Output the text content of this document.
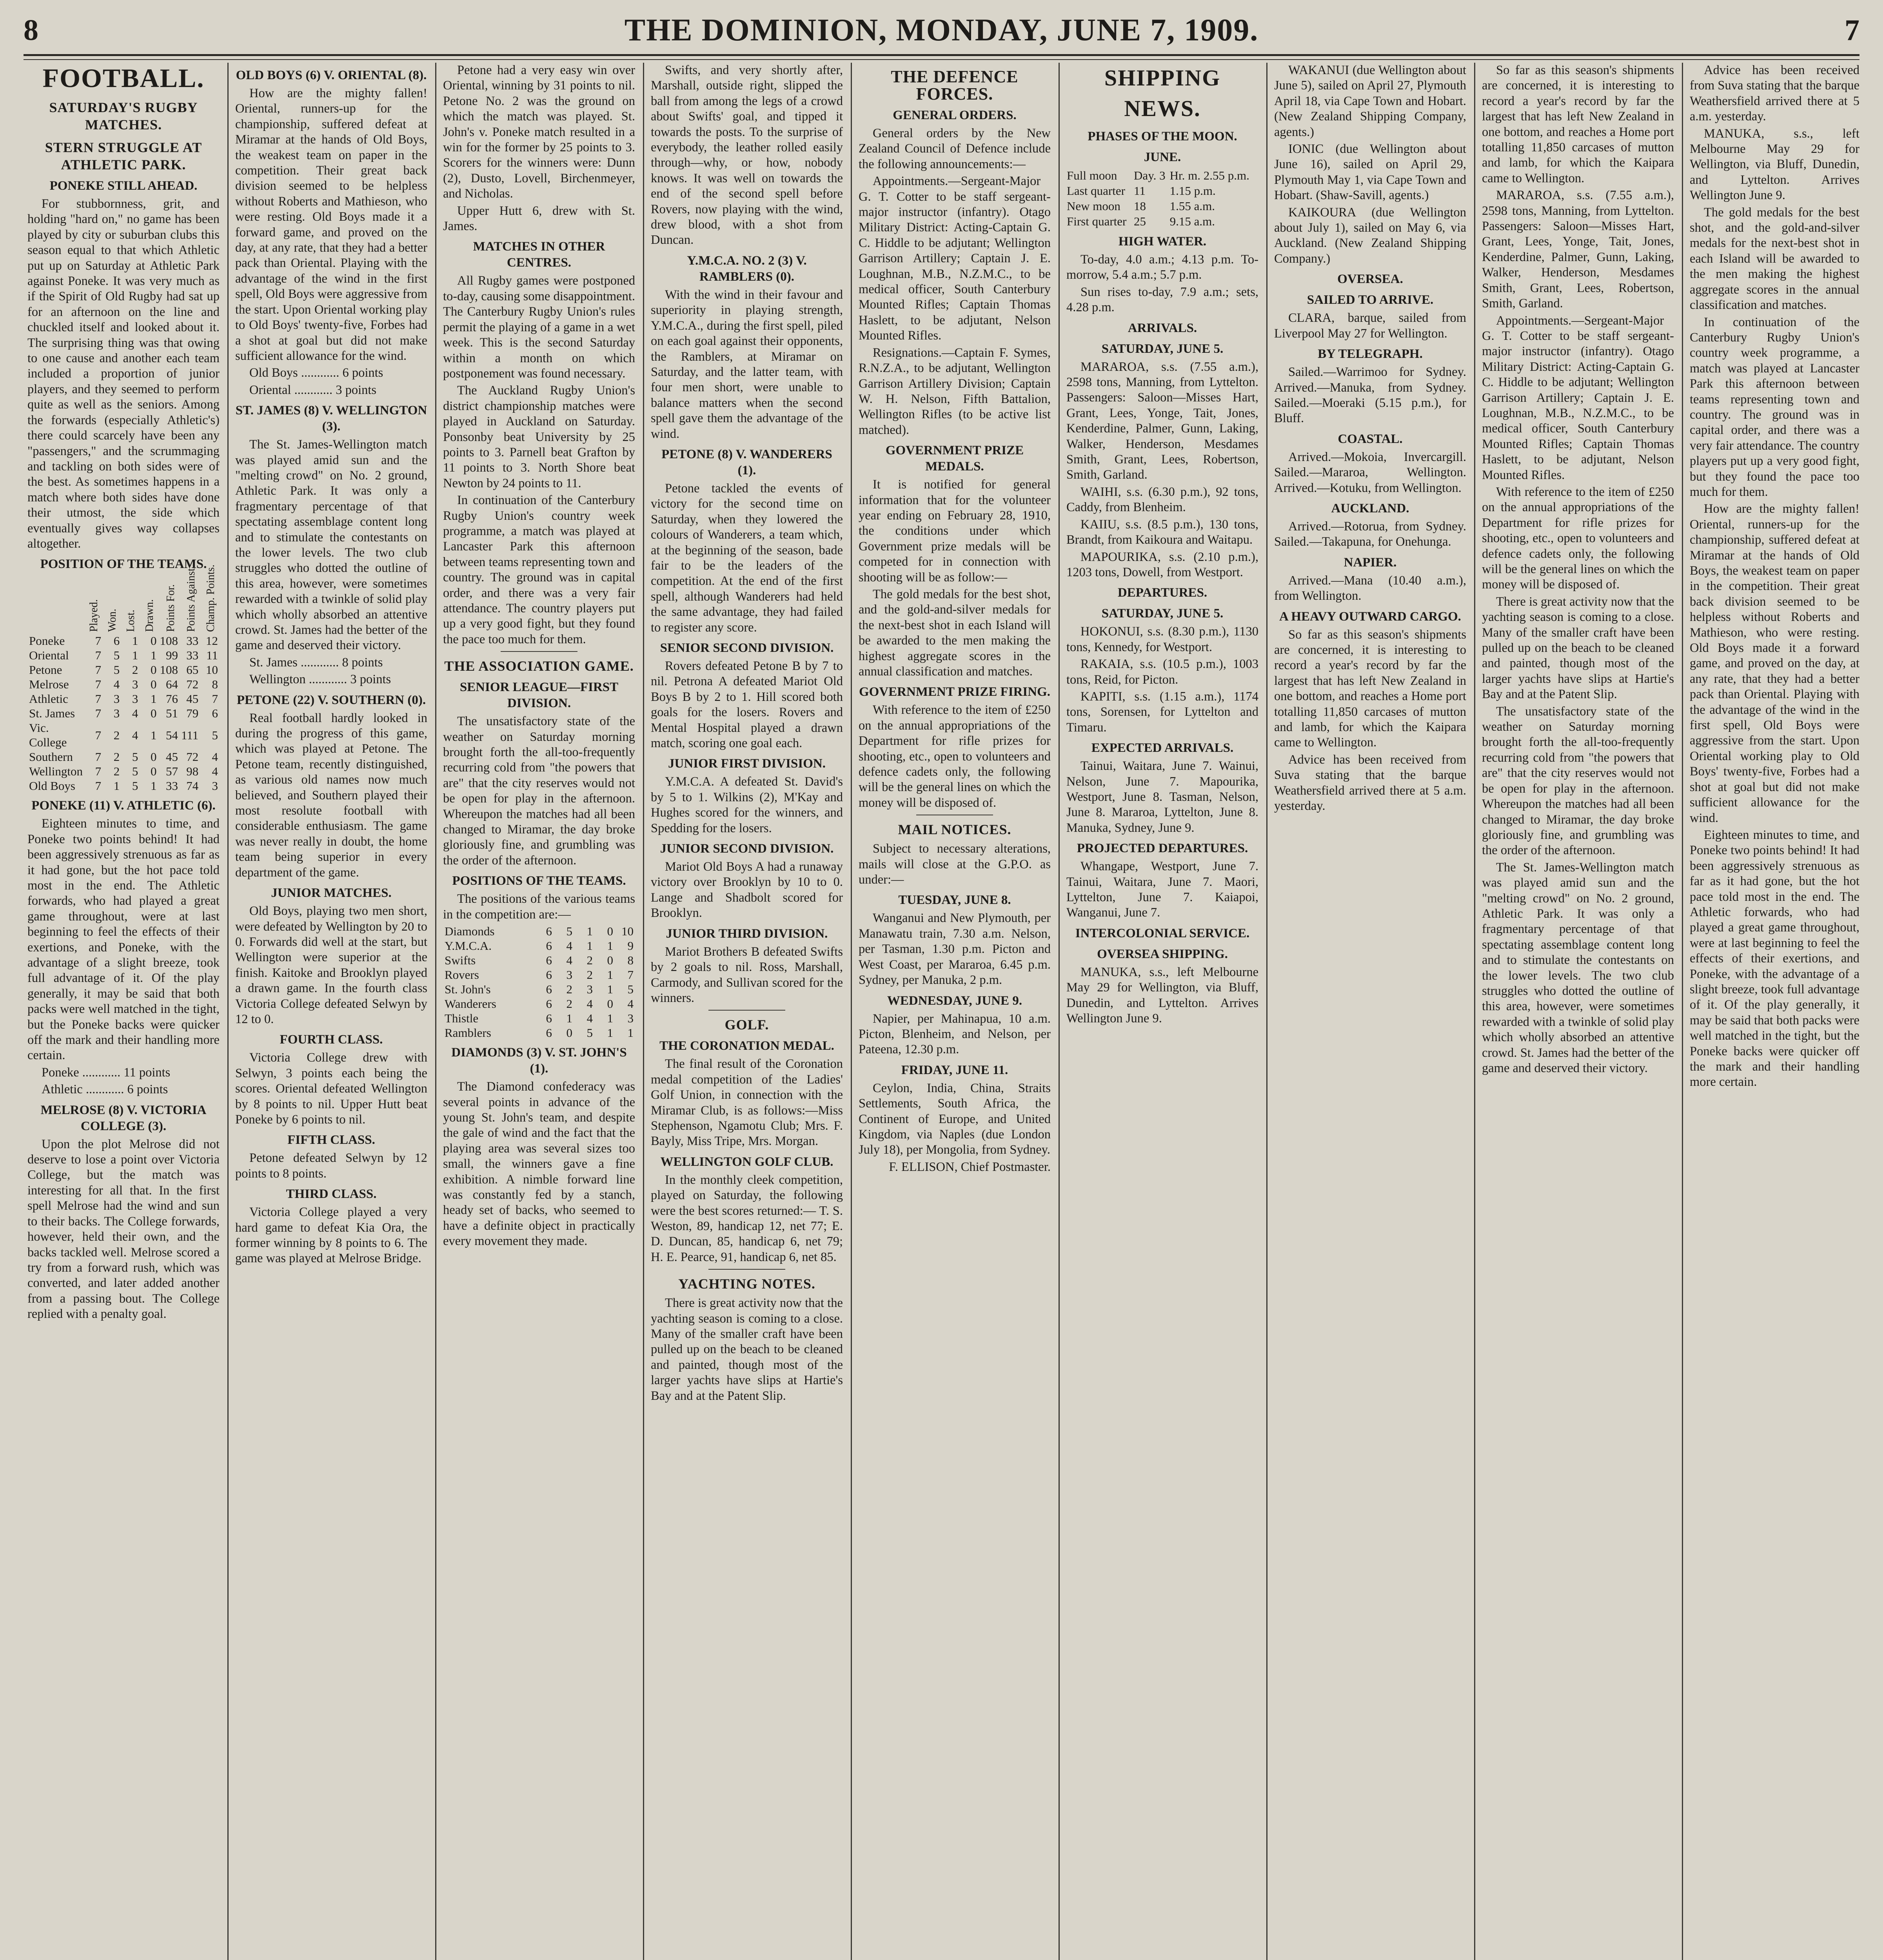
8	THE DOMINION, MONDAY, JUNE 7, 1909.	7
FOOTBALL.
SATURDAY'S RUGBY MATCHES.
STERN STRUGGLE AT ATHLETIC PARK.
PONEKE STILL AHEAD.

For stubbornness, grit, and holding "hard on," no game has been played by city or suburban clubs this season equal to that which Athletic put up on Saturday at Athletic Park against Poneke. It was very much as if the Spirit of Old Rugby had sat up for an afternoon on the line and chuckled itself and looked about it. The surprising thing was that owing to one cause and another each team included a proportion of junior players, and they seemed to perform quite as well as the seniors. Among the forwards (especially Athletic's) there could scarcely have been any "passengers," and the scrummaging and tackling on both sides were of the best. As sometimes happens in a match where both sides have done their utmost, the side which eventually gives way collapses altogether.

POSITION OF THE TEAMS.

	Played.	Won.	Lost.	Drawn.	Points For.	Points Against.	Champ. Points.

Poneke	7	6	1	0	108	33	12
Oriental	7	5	1	1	99	33	11
Petone	7	5	2	0	108	65	10
Melrose	7	4	3	0	64	72	8
Athletic	7	3	3	1	76	45	7
St. James	7	3	4	0	51	79	6
Vic. College	7	2	4	1	54	111	5
Southern	7	2	5	0	45	72	4
Wellington	7	2	5	0	57	98	4
Old Boys	7	1	5	1	33	74	3
PONEKE (11) V. ATHLETIC (6).

Eighteen minutes to time, and Poneke two points behind! It had been aggressively strenuous as far as it had gone, but the hot pace told most in the end. The Athletic forwards, who had played a great game throughout, were at last beginning to feel the effects of their exertions, and Poneke, with the advantage of a slight breeze, took full advantage of it. Of the play generally, it may be said that both packs were well matched in the tight, but the Poneke backs were quicker off the mark and their handling more certain.

Poneke ............ 11 points

Athletic ............ 6 points

MELROSE (8) V. VICTORIA COLLEGE (3).

Upon the plot Melrose did not deserve to lose a point over Victoria College, but the match was interesting for all that. In the first spell Melrose had the wind and sun to their backs. The College forwards, however, held their own, and the backs tackled well. Melrose scored a try from a forward rush, which was converted, and later added another from a passing bout. The College replied with a penalty goal.

OLD BOYS (6) V. ORIENTAL (8).

How are the mighty fallen! Oriental, runners-up for the championship, suffered defeat at Miramar at the hands of Old Boys, the weakest team on paper in the competition. Their great back division seemed to be helpless without Roberts and Mathieson, who were resting. Old Boys made it a forward game, and proved on the day, at any rate, that they had a better pack than Oriental. Playing with the advantage of the wind in the first spell, Old Boys were aggressive from the start. Upon Oriental working play to Old Boys' twenty-five, Forbes had a shot at goal but did not make sufficient allowance for the wind.

Old Boys ............ 6 points

Oriental ............ 3 points

ST. JAMES (8) V. WELLINGTON (3).

The St. James-Wellington match was played amid sun and the "melting crowd" on No. 2 ground, Athletic Park. It was only a fragmentary percentage of that spectating assemblage content long and to stimulate the contestants on the lower levels. The two club struggles who dotted the outline of this area, however, were sometimes rewarded with a twinkle of solid play which wholly absorbed an attentive crowd. St. James had the better of the game and deserved their victory.

St. James ............ 8 points

Wellington ............ 3 points

PETONE (22) V. SOUTHERN (0).

Real football hardly looked in during the progress of this game, which was played at Petone. The Petone team, recently distinguished, as various old names now much believed, and Southern played their most resolute football with considerable enthusiasm. The game was never really in doubt, the home team being superior in every department of the game.

JUNIOR MATCHES.

Old Boys, playing two men short, were defeated by Wellington by 20 to 0. Forwards did well at the start, but Wellington were superior at the finish. Kaitoke and Brooklyn played a drawn game. In the fourth class Victoria College defeated Selwyn by 12 to 0.

FOURTH CLASS.

Victoria College drew with Selwyn, 3 points each being the scores. Oriental defeated Wellington by 8 points to nil. Upper Hutt beat Poneke by 6 points to nil.

FIFTH CLASS.

Petone defeated Selwyn by 12 points to 8 points.

THIRD CLASS.

Victoria College played a very hard game to defeat Kia Ora, the former winning by 8 points to 6. The game was played at Melrose Bridge.

Petone had a very easy win over Oriental, winning by 31 points to nil. Petone No. 2 was the ground on which the match was played. St. John's v. Poneke match resulted in a win for the former by 25 points to 3. Scorers for the winners were: Dunn (2), Dusto, Lovell, Birchenmeyer, and Nicholas.

Upper Hutt 6, drew with St. James.

MATCHES IN OTHER CENTRES.

All Rugby games were postponed to-day, causing some disappointment. The Canterbury Rugby Union's rules permit the playing of a game in a wet week. This is the second Saturday within a month on which postponement was found necessary.

The Auckland Rugby Union's district championship matches were played in Auckland on Saturday. Ponsonby beat University by 25 points to 3. Parnell beat Grafton by 11 points to 3. North Shore beat Newton by 24 points to 11.

In continuation of the Canterbury Rugby Union's country week programme, a match was played at Lancaster Park this afternoon between teams representing town and country. The ground was in capital order, and there was a very fair attendance. The country players put up a very good fight, but they found the pace too much for them.

THE ASSOCIATION GAME.
SENIOR LEAGUE—FIRST DIVISION.

The unsatisfactory state of the weather on Saturday morning brought forth the all-too-frequently recurring cold from "the powers that are" that the city reserves would not be open for play in the afternoon. Whereupon the matches had all been changed to Miramar, the day broke gloriously fine, and grumbling was the order of the afternoon.

POSITIONS OF THE TEAMS.

The positions of the various teams in the competition are:—

Diamonds	6	5	1	0	10
Y.M.C.A.	6	4	1	1	9
Swifts	6	4	2	0	8
Rovers	6	3	2	1	7
St. John's	6	2	3	1	5
Wanderers	6	2	4	0	4
Thistle	6	1	4	1	3
Ramblers	6	0	5	1	1
DIAMONDS (3) V. ST. JOHN'S (1).

The Diamond confederacy was several points in advance of the young St. John's team, and despite the gale of wind and the fact that the playing area was several sizes too small, the winners gave a fine exhibition. A nimble forward line was constantly fed by a stanch, heady set of backs, who seemed to have a definite object in practically every movement they made.

Swifts, and very shortly after, Marshall, outside right, slipped the ball from among the legs of a crowd about Swifts' goal, and tipped it towards the posts. To the surprise of everybody, the leather rolled easily through—why, or how, nobody knows. It was well on towards the end of the second spell before Rovers, now playing with the wind, drew blood, with a shot from Duncan.

Y.M.C.A. NO. 2 (3) V. RAMBLERS (0).

With the wind in their favour and superiority in playing strength, Y.M.C.A., during the first spell, piled on each goal against their opponents, the Ramblers, at Miramar on Saturday, and the latter team, with four men short, were unable to balance matters when the second spell gave them the advantage of the wind.

PETONE (8) V. WANDERERS (1).

Petone tackled the events of victory for the second time on Saturday, when they lowered the colours of Wanderers, a team which, at the beginning of the season, bade fair to be the leaders of the competition. At the end of the first spell, although Wanderers had held the same advantage, they had failed to register any score.

SENIOR SECOND DIVISION.

Rovers defeated Petone B by 7 to nil. Petrona A defeated Mariot Old Boys B by 2 to 1. Hill scored both goals for the losers. Rovers and Mental Hospital played a drawn match, scoring one goal each.

JUNIOR FIRST DIVISION.

Y.M.C.A. A defeated St. David's by 5 to 1. Wilkins (2), M'Kay and Hughes scored for the winners, and Spedding for the losers.

JUNIOR SECOND DIVISION.

Mariot Old Boys A had a runaway victory over Brooklyn by 10 to 0. Lange and Shadbolt scored for Brooklyn.

JUNIOR THIRD DIVISION.

Mariot Brothers B defeated Swifts by 2 goals to nil. Ross, Marshall, Carmody, and Sullivan scored for the winners.

GOLF.
THE CORONATION MEDAL.

The final result of the Coronation medal competition of the Ladies' Golf Union, in connection with the Miramar Club, is as follows:—Miss Stephenson, Ngamotu Club; Mrs. F. Bayly, Miss Tripe, Mrs. Morgan.

WELLINGTON GOLF CLUB.

In the monthly cleek competition, played on Saturday, the following were the best scores returned:— T. S. Weston, 89, handicap 12, net 77; E. D. Duncan, 85, handicap 6, net 79; H. E. Pearce, 91, handicap 6, net 85.

YACHTING NOTES.

There is great activity now that the yachting season is coming to a close. Many of the smaller craft have been pulled up on the beach to be cleaned and painted, though most of the larger yachts have slips at Hartie's Bay and at the Patent Slip.

THE DEFENCE FORCES.
GENERAL ORDERS.

General orders by the New Zealand Council of Defence include the following announcements:—

Appointments.—Sergeant-Major G. T. Cotter to be staff sergeant-major instructor (infantry). Otago Military District: Acting-Captain G. C. Hiddle to be adjutant; Wellington Garrison Artillery; Captain J. E. Loughnan, M.B., N.Z.M.C., to be medical officer, South Canterbury Mounted Rifles; Captain Thomas Haslett, to be adjutant, Nelson Mounted Rifles.

Resignations.—Captain F. Symes, R.N.Z.A., to be adjutant, Wellington Garrison Artillery Division; Captain W. H. Nelson, Fifth Battalion, Wellington Rifles (to be active list matched).

GOVERNMENT PRIZE MEDALS.

It is notified for general information that for the volunteer year ending on February 28, 1910, the conditions under which Government prize medals will be competed for in connection with shooting will be as follow:—

The gold medals for the best shot, and the gold-and-silver medals for the next-best shot in each Island will be awarded to the men making the highest aggregate scores in the annual classification and matches.

GOVERNMENT PRIZE FIRING.

With reference to the item of £250 on the annual appropriations of the Department for rifle prizes for shooting, etc., open to volunteers and defence cadets only, the following will be the general lines on which the money will be disposed of.

MAIL NOTICES.

Subject to necessary alterations, mails will close at the G.P.O. as under:—

TUESDAY, JUNE 8.

Wanganui and New Plymouth, per Manawatu train, 7.30 a.m. Nelson, per Tasman, 1.30 p.m. Picton and West Coast, per Mararoa, 6.45 p.m. Sydney, per Manuka, 2 p.m.

WEDNESDAY, JUNE 9.

Napier, per Mahinapua, 10 a.m. Picton, Blenheim, and Nelson, per Pateena, 12.30 p.m.

FRIDAY, JUNE 11.

Ceylon, India, China, Straits Settlements, South Africa, the Continent of Europe, and United Kingdom, via Naples (due London July 18), per Mongolia, from Sydney.

F. ELLISON, Chief Postmaster.

SHIPPING NEWS.
PHASES OF THE MOON.
JUNE.
Full moon	Day. 3	Hr. m. 2.55 p.m.
Last quarter	11	1.15 p.m.
New moon	18	1.55 a.m.
First quarter	25	9.15 a.m.
HIGH WATER.

To-day, 4.0 a.m.; 4.13 p.m. To-morrow, 5.4 a.m.; 5.7 p.m.

Sun rises to-day, 7.9 a.m.; sets, 4.28 p.m.

ARRIVALS.
SATURDAY, JUNE 5.

MARAROA, s.s. (7.55 a.m.), 2598 tons, Manning, from Lyttelton. Passengers: Saloon—Misses Hart, Grant, Lees, Yonge, Tait, Jones, Kenderdine, Palmer, Gunn, Laking, Walker, Henderson, Mesdames Smith, Grant, Lees, Robertson, Smith, Garland.

WAIHI, s.s. (6.30 p.m.), 92 tons, Caddy, from Blenheim.

KAIIU, s.s. (8.5 p.m.), 130 tons, Brandt, from Kaikoura and Waitapu.

MAPOURIKA, s.s. (2.10 p.m.), 1203 tons, Dowell, from Westport.

DEPARTURES.
SATURDAY, JUNE 5.

HOKONUI, s.s. (8.30 p.m.), 1130 tons, Kennedy, for Westport.

RAKAIA, s.s. (10.5 p.m.), 1003 tons, Reid, for Picton.

KAPITI, s.s. (1.15 a.m.), 1174 tons, Sorensen, for Lyttelton and Timaru.

EXPECTED ARRIVALS.

Tainui, Waitara, June 7. Wainui, Nelson, June 7. Mapourika, Westport, June 8. Tasman, Nelson, June 8. Mararoa, Lyttelton, June 8. Manuka, Sydney, June 9.

PROJECTED DEPARTURES.

Whangape, Westport, June 7. Tainui, Waitara, June 7. Maori, Lyttelton, June 7. Kaiapoi, Wanganui, June 7.

INTERCOLONIAL SERVICE.
OVERSEA SHIPPING.

MANUKA, s.s., left Melbourne May 29 for Wellington, via Bluff, Dunedin, and Lyttelton. Arrives Wellington June 9.

WAKANUI (due Wellington about June 5), sailed on April 27, Plymouth April 18, via Cape Town and Hobart. (New Zealand Shipping Company, agents.)

IONIC (due Wellington about June 16), sailed on April 29, Plymouth May 1, via Cape Town and Hobart. (Shaw-Savill, agents.)

KAIKOURA (due Wellington about July 1), sailed on May 6, via Auckland. (New Zealand Shipping Company.)

OVERSEA.
SAILED TO ARRIVE.

CLARA, barque, sailed from Liverpool May 27 for Wellington.

BY TELEGRAPH.

Sailed.—Warrimoo for Sydney. Arrived.—Manuka, from Sydney. Sailed.—Moeraki (5.15 p.m.), for Bluff.

COASTAL.

Arrived.—Mokoia, Invercargill. Sailed.—Mararoa, Wellington. Arrived.—Kotuku, from Wellington.

AUCKLAND.

Arrived.—Rotorua, from Sydney. Sailed.—Takapuna, for Onehunga.

NAPIER.

Arrived.—Mana (10.40 a.m.), from Wellington.

A HEAVY OUTWARD CARGO.

So far as this season's shipments are concerned, it is interesting to record a year's record by far the largest that has left New Zealand in one bottom, and reaches a Home port totalling 11,850 carcases of mutton and lamb, for which the Kaipara came to Wellington.

Advice has been received from Suva stating that the barque Weathersfield arrived there at 5 a.m. yesterday.

So far as this season's shipments are concerned, it is interesting to record a year's record by far the largest that has left New Zealand in one bottom, and reaches a Home port totalling 11,850 carcases of mutton and lamb, for which the Kaipara came to Wellington.

MARAROA, s.s. (7.55 a.m.), 2598 tons, Manning, from Lyttelton. Passengers: Saloon—Misses Hart, Grant, Lees, Yonge, Tait, Jones, Kenderdine, Palmer, Gunn, Laking, Walker, Henderson, Mesdames Smith, Grant, Lees, Robertson, Smith, Garland.

Appointments.—Sergeant-Major G. T. Cotter to be staff sergeant-major instructor (infantry). Otago Military District: Acting-Captain G. C. Hiddle to be adjutant; Wellington Garrison Artillery; Captain J. E. Loughnan, M.B., N.Z.M.C., to be medical officer, South Canterbury Mounted Rifles; Captain Thomas Haslett, to be adjutant, Nelson Mounted Rifles.

With reference to the item of £250 on the annual appropriations of the Department for rifle prizes for shooting, etc., open to volunteers and defence cadets only, the following will be the general lines on which the money will be disposed of.

There is great activity now that the yachting season is coming to a close. Many of the smaller craft have been pulled up on the beach to be cleaned and painted, though most of the larger yachts have slips at Hartie's Bay and at the Patent Slip.

The unsatisfactory state of the weather on Saturday morning brought forth the all-too-frequently recurring cold from "the powers that are" that the city reserves would not be open for play in the afternoon. Whereupon the matches had all been changed to Miramar, the day broke gloriously fine, and grumbling was the order of the afternoon.

The St. James-Wellington match was played amid sun and the "melting crowd" on No. 2 ground, Athletic Park. It was only a fragmentary percentage of that spectating assemblage content long and to stimulate the contestants on the lower levels. The two club struggles who dotted the outline of this area, however, were sometimes rewarded with a twinkle of solid play which wholly absorbed an attentive crowd. St. James had the better of the game and deserved their victory.

Advice has been received from Suva stating that the barque Weathersfield arrived there at 5 a.m. yesterday.

MANUKA, s.s., left Melbourne May 29 for Wellington, via Bluff, Dunedin, and Lyttelton. Arrives Wellington June 9.

The gold medals for the best shot, and the gold-and-silver medals for the next-best shot in each Island will be awarded to the men making the highest aggregate scores in the annual classification and matches.

In continuation of the Canterbury Rugby Union's country week programme, a match was played at Lancaster Park this afternoon between teams representing town and country. The ground was in capital order, and there was a very fair attendance. The country players put up a very good fight, but they found the pace too much for them.

How are the mighty fallen! Oriental, runners-up for the championship, suffered defeat at Miramar at the hands of Old Boys, the weakest team on paper in the competition. Their great back division seemed to be helpless without Roberts and Mathieson, who were resting. Old Boys made it a forward game, and proved on the day, at any rate, that they had a better pack than Oriental. Playing with the advantage of the wind in the first spell, Old Boys were aggressive from the start. Upon Oriental working play to Old Boys' twenty-five, Forbes had a shot at goal but did not make sufficient allowance for the wind.

Eighteen minutes to time, and Poneke two points behind! It had been aggressively strenuous as far as it had gone, but the hot pace told most in the end. The Athletic forwards, who had played a great game throughout, were at last beginning to feel the effects of their exertions, and Poneke, with the advantage of a slight breeze, took full advantage of it. Of the play generally, it may be said that both packs were well matched in the tight, but the Poneke backs were quicker off the mark and their handling more certain.
